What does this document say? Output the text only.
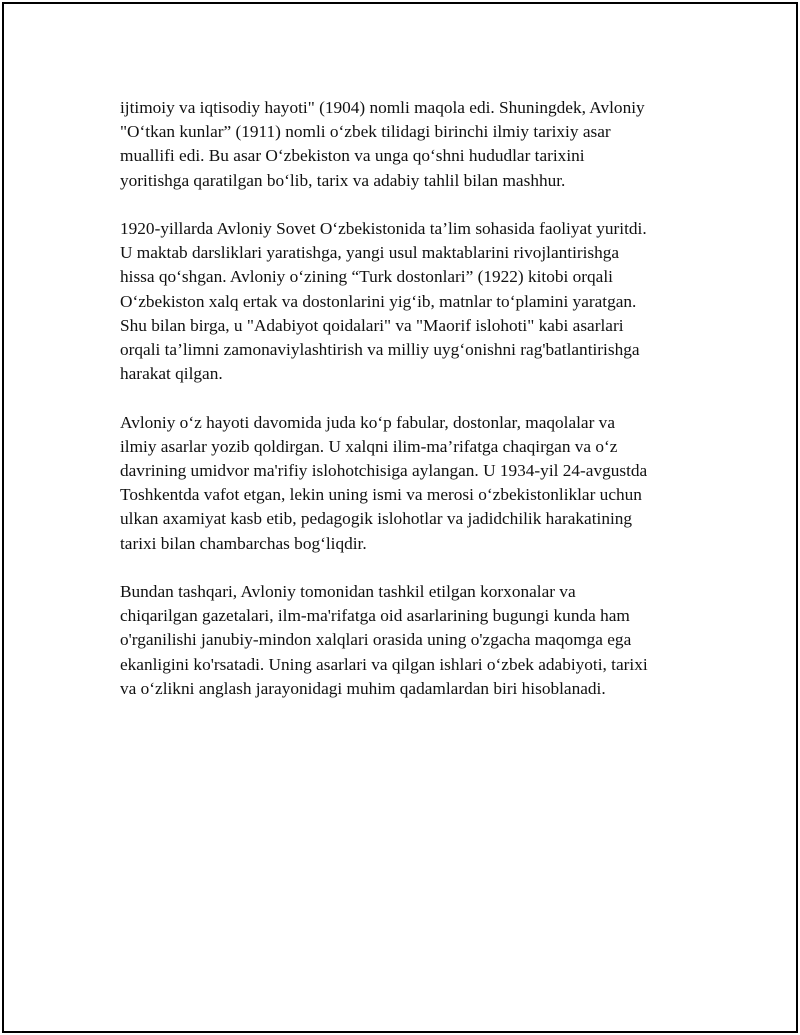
ijtimoiy va iqtisodiy hayoti" (1904) nomli maqola edi. Shuningdek, Avloniy
"O‘tkan kunlar” (1911) nomli o‘zbek tilidagi birinchi ilmiy tarixiy asar
muallifi edi. Bu asar O‘zbekiston va unga qo‘shni hududlar tarixini
yoritishga qaratilgan bo‘lib, tarix va adabiy tahlil bilan mashhur.

1920-yillarda Avloniy Sovet O‘zbekistonida ta’lim sohasida faoliyat yuritdi.
U maktab darsliklari yaratishga, yangi usul maktablarini rivojlantirishga
hissa qo‘shgan. Avloniy o‘zining “Turk dostonlari” (1922) kitobi orqali
O‘zbekiston xalq ertak va dostonlarini yig‘ib, matnlar to‘plamini yaratgan.
Shu bilan birga, u "Adabiyot qoidalari" va "Maorif islohoti" kabi asarlari
orqali ta’limni zamonaviylashtirish va milliy uyg‘onishni rag'batlantirishga
harakat qilgan.

Avloniy o‘z hayoti davomida juda ko‘p fabular, dostonlar, maqolalar va
ilmiy asarlar yozib qoldirgan. U xalqni ilim-ma’rifatga chaqirgan va o‘z
davrining umidvor ma'rifiy islohotchisiga aylangan. U 1934-yil 24-avgustda
Toshkentda vafot etgan, lekin uning ismi va merosi o‘zbekistonliklar uchun
ulkan axamiyat kasb etib, pedagogik islohotlar va jadidchilik harakatining
tarixi bilan chambarchas bog‘liqdir.

Bundan tashqari, Avloniy tomonidan tashkil etilgan korxonalar va
chiqarilgan gazetalari, ilm-ma'rifatga oid asarlarining bugungi kunda ham
o'rganilishi janubiy-mindon xalqlari orasida uning o'zgacha maqomga ega
ekanligini ko'rsatadi. Uning asarlari va qilgan ishlari o‘zbek adabiyoti, tarixi
va o‘zlikni anglash jarayonidagi muhim qadamlardan biri hisoblanadi.
